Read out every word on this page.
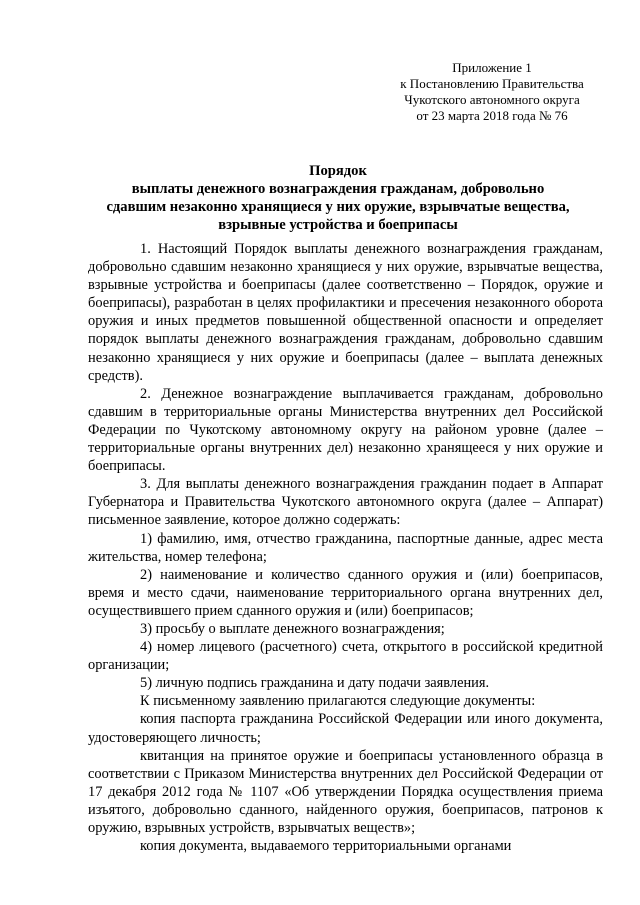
Приложение 1
к Постановлению Правительства
Чукотского автономного округа
от 23 марта 2018 года № 76
Порядок
выплаты денежного вознаграждения гражданам, добровольно
сдавшим незаконно хранящиеся у них оружие, взрывчатые вещества,
взрывные устройства и боеприпасы

1. Настоящий Порядок выплаты денежного вознаграждения гражданам, добровольно сдавшим незаконно хранящиеся у них оружие, взрывчатые вещества, взрывные устройства и боеприпасы (далее соответственно – Порядок, оружие и боеприпасы), разработан в целях профилактики и пресечения незаконного оборота оружия и иных предметов повышенной общественной опасности и определяет порядок выплаты денежного вознаграждения гражданам, добровольно сдавшим незаконно хранящиеся у них оружие и боеприпасы (далее – выплата денежных средств).

2. Денежное вознаграждение выплачивается гражданам, добровольно сдавшим в территориальные органы Министерства внутренних дел Российской Федерации по Чукотскому автономному округу на районом уровне (далее – территориальные органы внутренних дел) незаконно хранящееся у них оружие и боеприпасы.

3. Для выплаты денежного вознаграждения гражданин подает в Аппарат Губернатора и Правительства Чукотского автономного округа (далее – Аппарат) письменное заявление, которое должно содержать:

1) фамилию, имя, отчество гражданина, паспортные данные, адрес места жительства, номер телефона;

2) наименование и количество сданного оружия и (или) боеприпасов, время и место сдачи, наименование территориального органа внутренних дел, осуществившего прием сданного оружия и (или) боеприпасов;

3) просьбу о выплате денежного вознаграждения;

4) номер лицевого (расчетного) счета, открытого в российской кредитной организации;

5) личную подпись гражданина и дату подачи заявления.

К письменному заявлению прилагаются следующие документы:

копия паспорта гражданина Российской Федерации или иного документа, удостоверяющего личность;

квитанция на принятое оружие и боеприпасы установленного образца в соответствии с Приказом Министерства внутренних дел Российской Федерации от 17 декабря 2012 года № 1107 «Об утверждении Порядка осуществления приема изъятого, добровольно сданного, найденного оружия, боеприпасов, патронов к оружию, взрывных устройств, взрывчатых веществ»;

копия документа, выдаваемого территориальными органами
